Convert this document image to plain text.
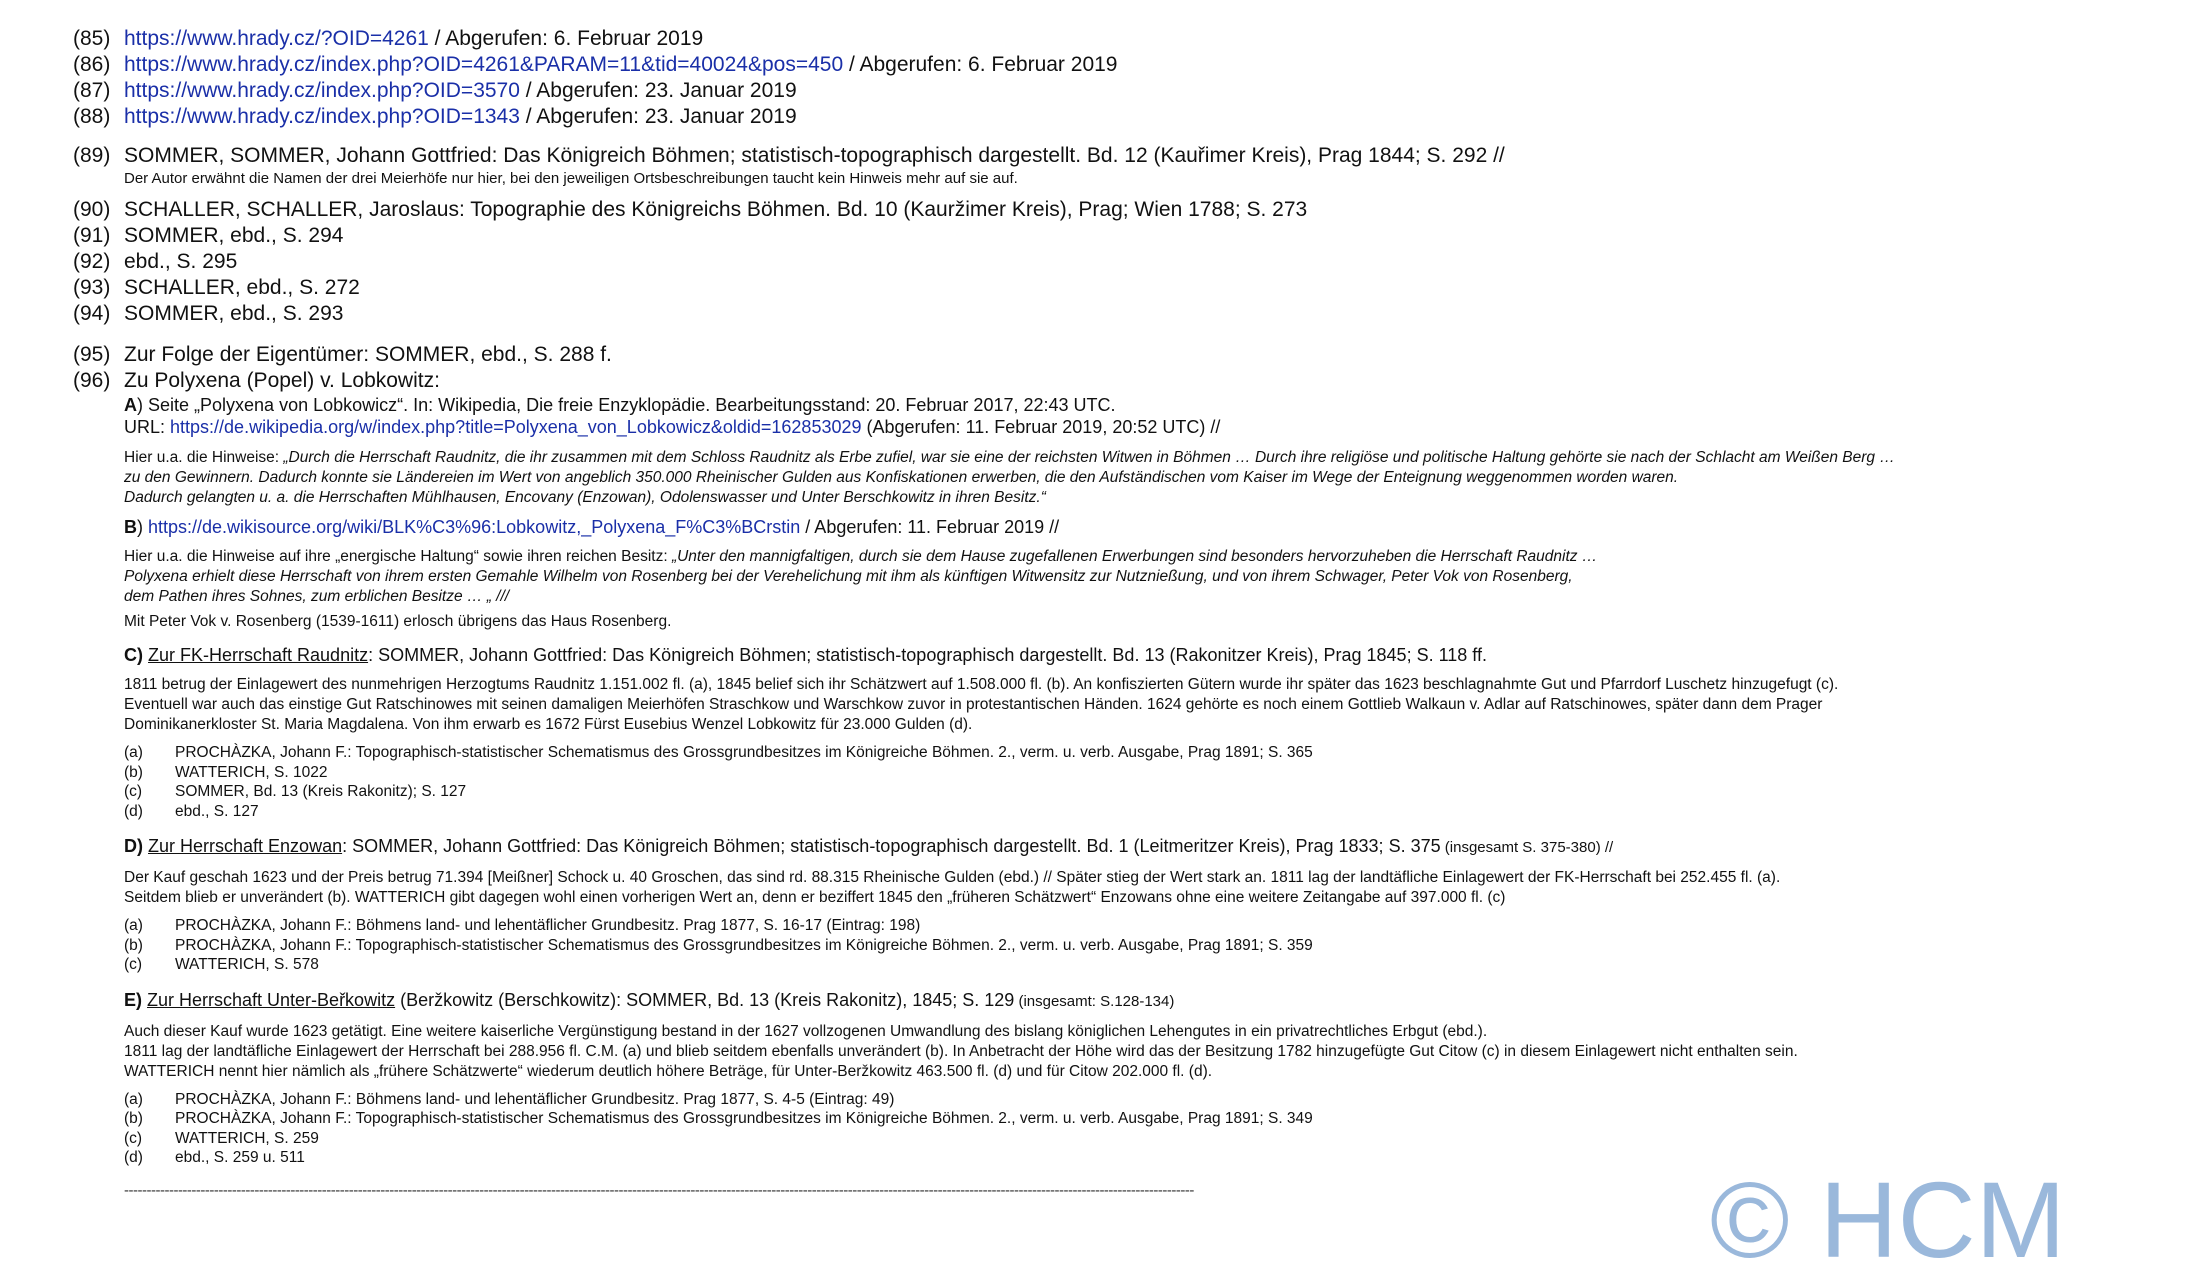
(85) https://www.hrady.cz/?OID=4261 / Abgerufen: 6. Februar 2019
(86) https://www.hrady.cz/index.php?OID=4261&PARAM=11&tid=40024&pos=450 / Abgerufen: 6. Februar 2019
(87) https://www.hrady.cz/index.php?OID=3570 / Abgerufen: 23. Januar 2019
(88) https://www.hrady.cz/index.php?OID=1343 / Abgerufen: 23. Januar 2019
(89) SOMMER, SOMMER, Johann Gottfried: Das Königreich Böhmen; statistisch-topographisch dargestellt. Bd. 12 (Kauřimer Kreis), Prag 1844; S. 292 //
Der Autor erwähnt die Namen der drei Meierhöfe nur hier, bei den jeweiligen Ortsbeschreibungen taucht kein Hinweis mehr auf sie auf.
(90) SCHALLER, SCHALLER, Jaroslaus: Topographie des Königreichs Böhmen. Bd. 10 (Kauržimer Kreis), Prag; Wien 1788; S. 273
(91) SOMMER, ebd., S. 294
(92) ebd., S. 295
(93) SCHALLER, ebd., S. 272
(94) SOMMER, ebd., S. 293
(95) Zur Folge der Eigentümer: SOMMER, ebd., S. 288 f.
(96) Zu Polyxena (Popel) v. Lobkowitz:
A) Seite „Polyxena von Lobkowicz“. In: Wikipedia, Die freie Enzyklopädie. Bearbeitungsstand: 20. Februar 2017, 22:43 UTC.
URL: https://de.wikipedia.org/w/index.php?title=Polyxena_von_Lobkowicz&oldid=162853029 (Abgerufen: 11. Februar 2019, 20:52 UTC) //
Hier u.a. die Hinweise: „Durch die Herrschaft Raudnitz, die ihr zusammen mit dem Schloss Raudnitz als Erbe zufiel, war sie eine der reichsten Witwen in Böhmen … Durch ihre religiöse und politische Haltung gehörte sie nach der Schlacht am Weißen Berg …
zu den Gewinnern. Dadurch konnte sie Ländereien im Wert von angeblich 350.000 Rheinischer Gulden aus Konfiskationen erwerben, die den Aufständischen vom Kaiser im Wege der Enteignung weggenommen worden waren.
Dadurch gelangten u. a. die Herrschaften Mühlhausen, Encovany (Enzowan), Odolenswasser und Unter Berschkowitz in ihren Besitz.“
B) https://de.wikisource.org/wiki/BLK%C3%96:Lobkowitz,_Polyxena_F%C3%BCrstin / Abgerufen: 11. Februar 2019 //
Hier u.a. die Hinweise auf ihre „energische Haltung“ sowie ihren reichen Besitz: „Unter den mannigfaltigen, durch sie dem Hause zugefallenen Erwerbungen sind besonders hervorzuheben die Herrschaft Raudnitz …
Polyxena erhielt diese Herrschaft von ihrem ersten Gemahle Wilhelm von Rosenberg bei der Verehelichung mit ihm als künftigen Witwensitz zur Nutznießung, und von ihrem Schwager, Peter Vok von Rosenberg,
dem Pathen ihres Sohnes, zum erblichen Besitze … „ ///
Mit Peter Vok v. Rosenberg (1539-1611) erlosch übrigens das Haus Rosenberg.
C) Zur FK-Herrschaft Raudnitz: SOMMER, Johann Gottfried: Das Königreich Böhmen; statistisch-topographisch dargestellt. Bd. 13 (Rakonitzer Kreis), Prag 1845; S. 118 ff.
1811 betrug der Einlagewert des nunmehrigen Herzogtums Raudnitz 1.151.002 fl. (a), 1845 belief sich ihr Schätzwert auf 1.508.000 fl. (b). An konfiszierten Gütern wurde ihr später das 1623 beschlagnahmte Gut und Pfarrdorf Luschetz hinzugefugt (c).
Eventuell war auch das einstige Gut Ratschinowes mit seinen damaligen Meierhöfen Straschkow und Warschkow zuvor in protestantischen Händen. 1624 gehörte es noch einem Gottlieb Walkaun v. Adlar auf Ratschinowes, später dann dem Prager
Dominikanerkloster St. Maria Magdalena. Von ihm erwarb es 1672 Fürst Eusebius Wenzel Lobkowitz für 23.000 Gulden (d).
(a) PROCHÀZKA, Johann F.: Topographisch-statistischer Schematismus des Grossgrundbesitzes im Königreiche Böhmen. 2., verm. u. verb. Ausgabe, Prag 1891; S. 365
(b) WATTERICH, S. 1022
(c) SOMMER, Bd. 13 (Kreis Rakonitz); S. 127
(d) ebd., S. 127
D) Zur Herrschaft Enzowan: SOMMER, Johann Gottfried: Das Königreich Böhmen; statistisch-topographisch dargestellt. Bd. 1 (Leitmeritzer Kreis), Prag 1833; S. 375 (insgesamt S. 375-380) //
Der Kauf geschah 1623 und der Preis betrug 71.394 [Meißner] Schock u. 40 Groschen, das sind rd. 88.315 Rheinische Gulden (ebd.) // Später stieg der Wert stark an. 1811 lag der landtäfliche Einlagewert der FK-Herrschaft bei 252.455 fl. (a).
Seitdem blieb er unverändert (b). WATTERICH gibt dagegen wohl einen vorherigen Wert an, denn er beziffert 1845 den „früheren Schätzwert“ Enzowans ohne eine weitere Zeitangabe auf 397.000 fl. (c)
(a) PROCHÀZKA, Johann F.: Böhmens land- und lehentäflicher Grundbesitz. Prag 1877, S. 16-17 (Eintrag: 198)
(b) PROCHÀZKA, Johann F.: Topographisch-statistischer Schematismus des Grossgrundbesitzes im Königreiche Böhmen. 2., verm. u. verb. Ausgabe, Prag 1891; S. 359
(c) WATTERICH, S. 578
E) Zur Herrschaft Unter-Beřkowitz (Beržkowitz (Berschkowitz): SOMMER, Bd. 13 (Kreis Rakonitz), 1845; S. 129 (insgesamt: S.128-134)
Auch dieser Kauf wurde 1623 getätigt. Eine weitere kaiserliche Vergünstigung bestand in der 1627 vollzogenen Umwandlung des bislang königlichen Lehengutes in ein privatrechtliches Erbgut (ebd.).
1811 lag der landtäfliche Einlagewert der Herrschaft bei 288.956 fl. C.M. (a) und blieb seitdem ebenfalls unverändert (b). In Anbetracht der Höhe wird das der Besitzung 1782 hinzugefügte Gut Citow (c) in diesem Einlagewert nicht enthalten sein.
WATTERICH nennt hier nämlich als „frühere Schätzwerte“ wiederum deutlich höhere Beträge, für Unter-Beržkowitz 463.500 fl. (d) und für Citow 202.000 fl. (d).
(a) PROCHÀZKA, Johann F.: Böhmens land- und lehentäflicher Grundbesitz. Prag 1877, S. 4-5 (Eintrag: 49)
(b) PROCHÀZKA, Johann F.: Topographisch-statistischer Schematismus des Grossgrundbesitzes im Königreiche Böhmen. 2., verm. u. verb. Ausgabe, Prag 1891; S. 349
(c) WATTERICH, S. 259
(d) ebd., S. 259 u. 511
----------------------------------------------------------------------------------------------------------------------------------------------------------------------------------------------------------------------------------------------	© HCM
